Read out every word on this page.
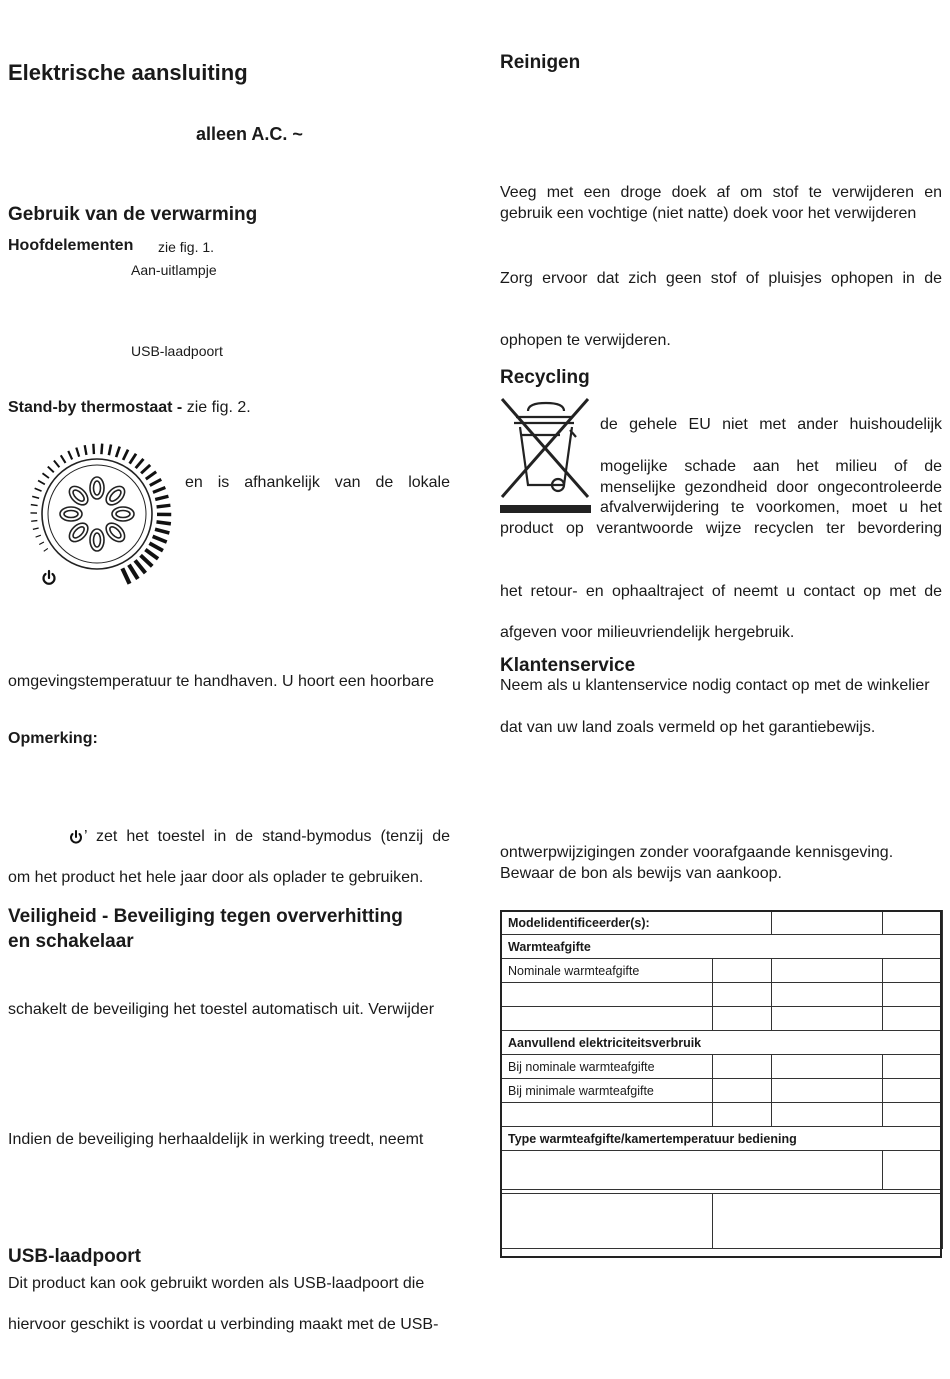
Elektrische aansluiting
alleen A.C. ~
Gebruik van de verwarming
Hoofdelementen zie fig. 1.
Aan-uitlampje
USB-laadpoort
Stand-by thermostaat - zie fig. 2.
en is afhankelijk van de lokale
omgevingstemperatuur te handhaven. U hoort een hoorbare
Opmerking:
’ zet het toestel in de stand-bymodus (tenzij de
om het product het hele jaar door als oplader te gebruiken.
Veiligheid - Beveiliging tegen oververhitting
en schakelaar
schakelt de beveiliging het toestel automatisch uit. Verwijder
Indien de beveiliging herhaaldelijk in werking treedt, neemt
USB-laadpoort
Dit product kan ook gebruikt worden als USB-laadpoort die
hiervoor geschikt is voordat u verbinding maakt met de USB-
Reinigen
Veeg met een droge doek af om stof te verwijderen en
gebruik een vochtige (niet natte) doek voor het verwijderen
Zorg ervoor dat zich geen stof of pluisjes ophopen in de
ophopen te verwijderen.
Recycling
de gehele EU niet met ander huishoudelijk
mogelijke schade aan het milieu of de
menselijke gezondheid door ongecontroleerde
afvalverwijdering te voorkomen, moet u het
product op verantwoorde wijze recyclen ter bevordering
het retour- en ophaaltraject of neemt u contact op met de
afgeven voor milieuvriendelijk hergebruik.
Klantenservice
Neem als u klantenservice nodig contact op met de winkelier
dat van uw land zoals vermeld op het garantiebewijs.
ontwerpwijzigingen zonder voorafgaande kennisgeving.
Bewaar de bon als bewijs van aankoop.
Modelidentificeerder(s):			
Warmteafgifte			
Nominale warmteafgifte			

Aanvullend elektriciteitsverbruik			
Bij nominale warmteafgifte			
Bij minimale warmteafgifte			

Type warmteafgifte/kamertemperatuur bediening			
